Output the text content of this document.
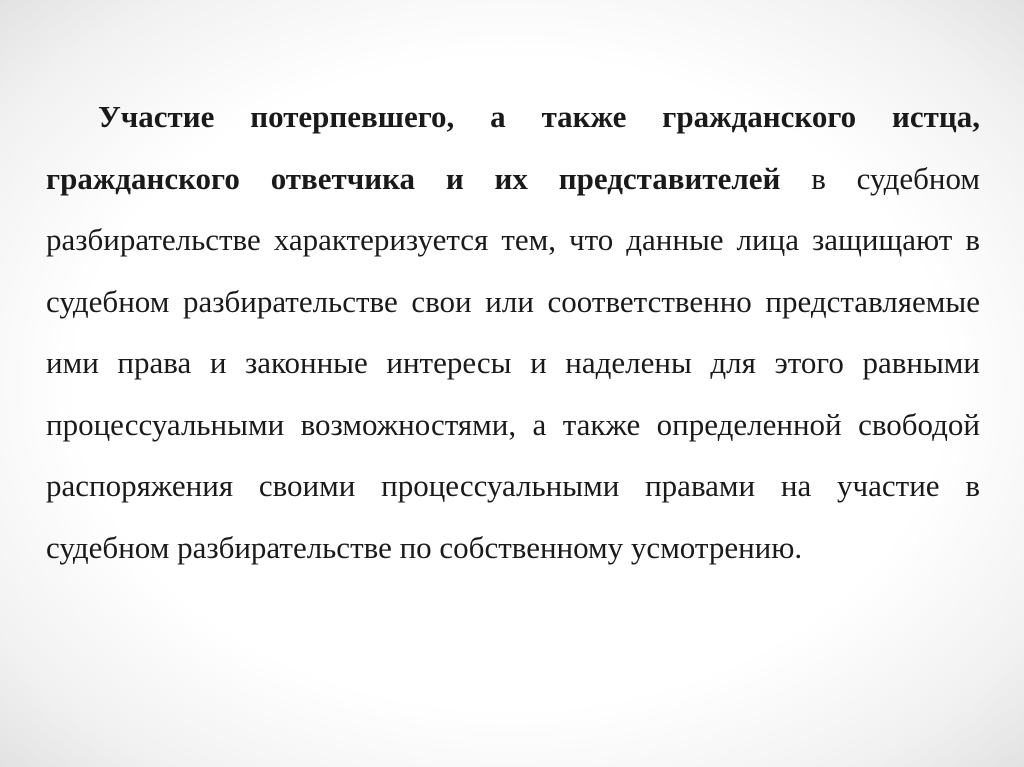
Участие потерпевшего, а также гражданского истца, гражданского ответчика и их представителей в судебном разбирательстве характеризуется тем, что данные лица защищают в судебном разбирательстве свои или соответственно представляемые ими права и законные интересы и наделены для этого равными процессуальными возможностями, а также определенной свободой распоряжения своими процессуальными правами на участие в судебном разбирательстве по собственному усмотрению.
